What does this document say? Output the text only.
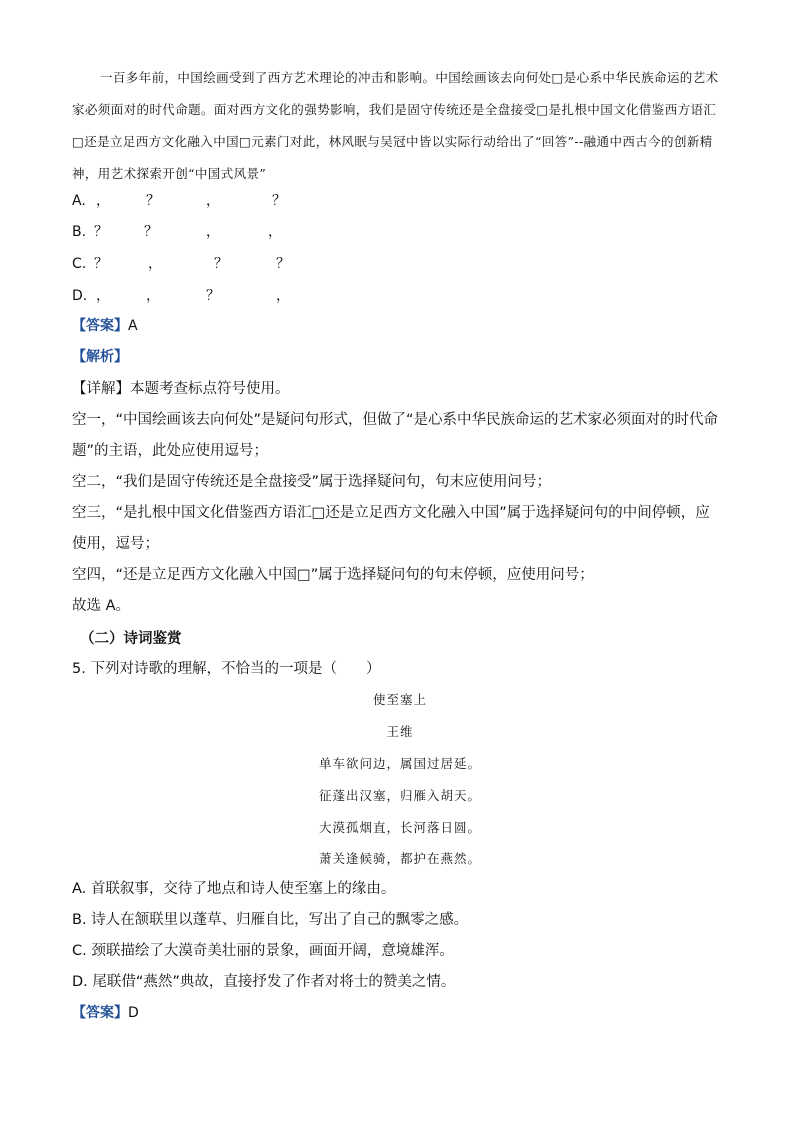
一百多年前，中国绘画受到了西方艺术理论的冲击和影响。中国绘画该去向何处□是心系中华民族命运的艺术家必须面对的时代命题。面对西方文化的强势影响，我们是固守传统还是全盘接受□是扎根中国文化借鉴西方语汇□还是立足西方文化融入中国□元素门对此，林风眠与吴冠中皆以实际行动给出了“回答”--融通中西古今的创新精神，用艺术探索开创“中国式风景”
A. ，	？	，	？
B. ？	？	，	，
C. ？	，	？	？
D. ，	，	？	，
【答案】A
【解析】
【详解】本题考查标点符号使用。
空一，“中国绘画该去向何处”是疑问句形式，但做了“是心系中华民族命运的艺术家必须面对的时代命题”的主语，此处应使用逗号；
空二，“我们是固守传统还是全盘接受”属于选择疑问句，句末应使用问号；
空三，“是扎根中国文化借鉴西方语汇□还是立足西方文化融入中国”属于选择疑问句的中间停顿，应使用，逗号；
空四，“还是立足西方文化融入中国□”属于选择疑问句的句末停顿，应使用问号；
故选 A。
（二）诗词鉴赏
5. 下列对诗歌的理解，不恰当的一项是（　　）
使至塞上
王维
单车欲问边，属国过居延。
征蓬出汉塞，归雁入胡天。
大漠孤烟直，长河落日圆。
萧关逢候骑，都护在燕然。
A. 首联叙事，交待了地点和诗人使至塞上的缘由。
B. 诗人在颔联里以蓬草、归雁自比，写出了自己的飘零之感。
C. 颈联描绘了大漠奇美壮丽的景象，画面开阔，意境雄浑。
D. 尾联借“燕然”典故，直接抒发了作者对将士的赞美之情。
【答案】D
